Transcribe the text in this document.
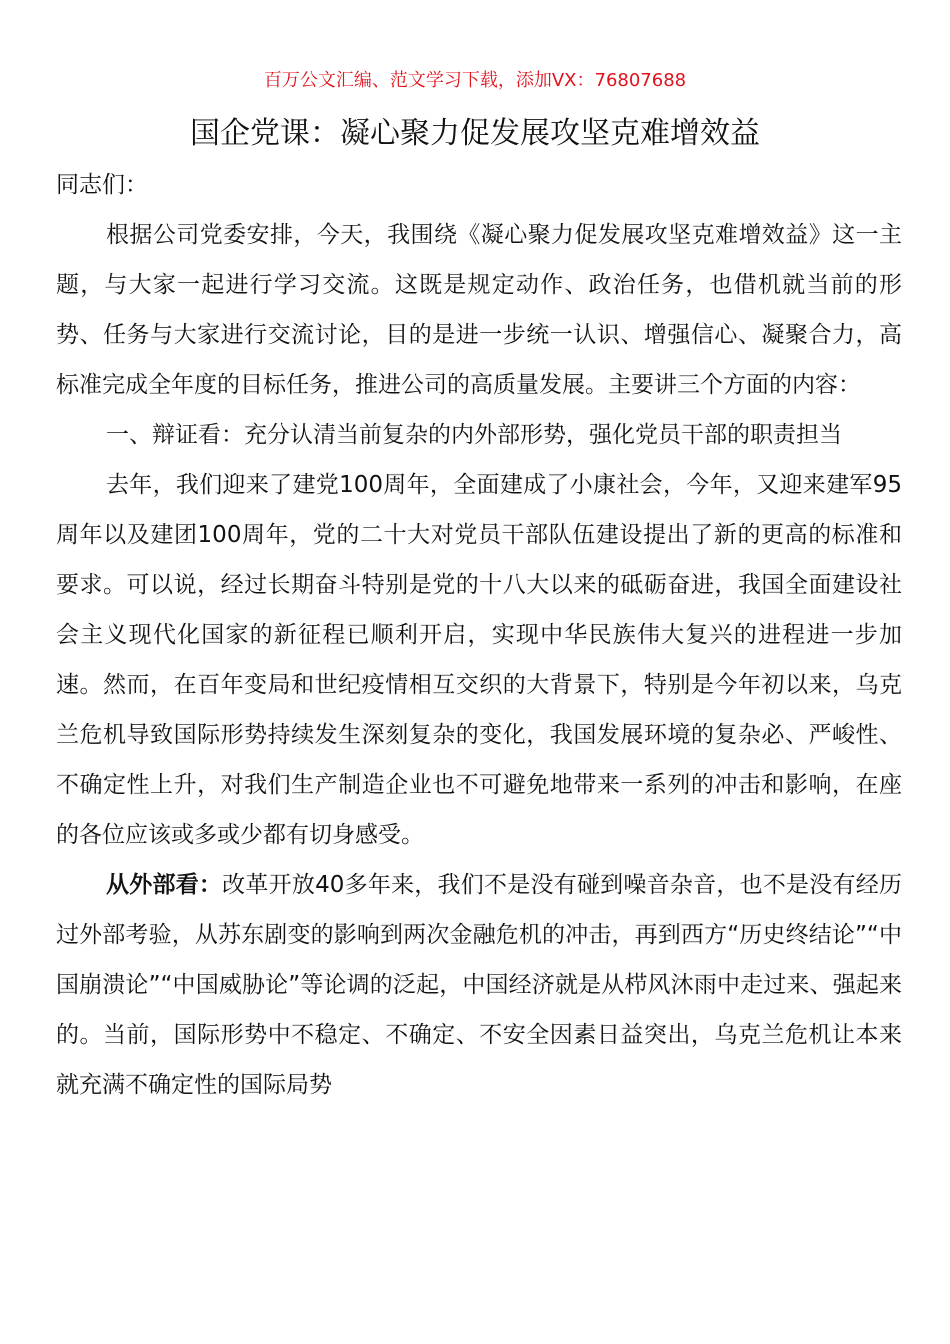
百万公文汇编、范文学习下载，添加VX：76807688
国企党课：凝心聚力促发展攻坚克难增效益

同志们：

根据公司党委安排，今天，我围绕《凝心聚力促发展攻坚克难增效益》这一主题，与大家一起进行学习交流。这既是规定动作、政治任务，也借机就当前的形势、任务与大家进行交流讨论，目的是进一步统一认识、增强信心、凝聚合力，高标准完成全年度的目标任务，推进公司的高质量发展。主要讲三个方面的内容：

一、辩证看：充分认清当前复杂的内外部形势，强化党员干部的职责担当

去年，我们迎来了建党100周年，全面建成了小康社会，今年，又迎来建军95周年以及建团100周年，党的二十大对党员干部队伍建设提出了新的更高的标准和要求。可以说，经过长期奋斗特别是党的十八大以来的砥砺奋进，我国全面建设社会主义现代化国家的新征程已顺利开启，实现中华民族伟大复兴的进程进一步加速。然而，在百年变局和世纪疫情相互交织的大背景下，特别是今年初以来，乌克兰危机导致国际形势持续发生深刻复杂的变化，我国发展环境的复杂必、严峻性、不确定性上升，对我们生产制造企业也不可避免地带来一系列的冲击和影响，在座的各位应该或多或少都有切身感受。

从外部看：改革开放40多年来，我们不是没有碰到噪音杂音，也不是没有经历过外部考验，从苏东剧变的影响到两次金融危机的冲击，再到西方“历史终结论”“中国崩溃论”“中国威胁论”等论调的泛起，中国经济就是从栉风沐雨中走过来、强起来的。当前，国际形势中不稳定、不确定、不安全因素日益突出，乌克兰危机让本来就充满不确定性的国际局势
